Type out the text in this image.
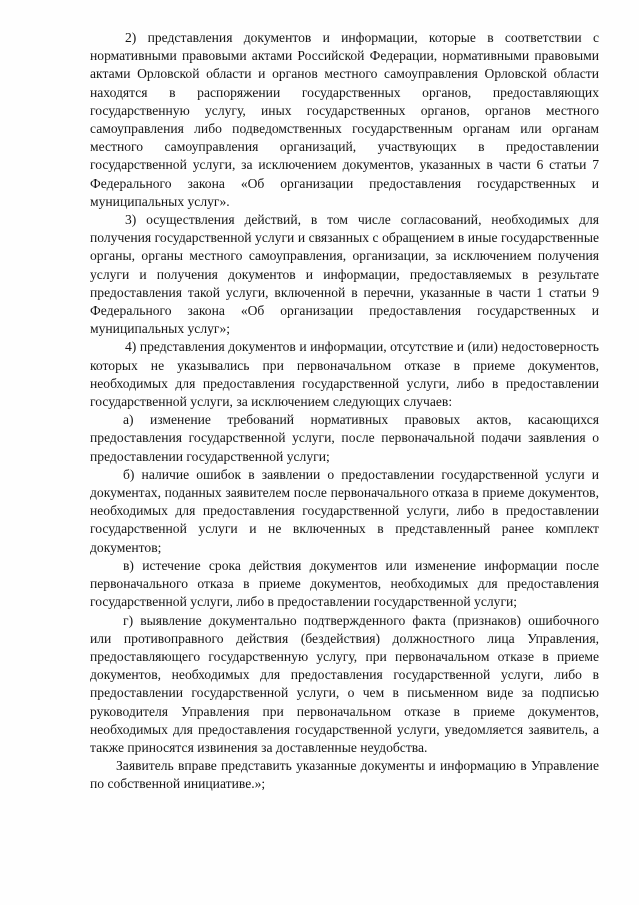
2) представления документов и информации, которые в соответствии с нормативными правовыми актами Российской Федерации, нормативными правовыми актами Орловской области и органов местного самоуправления Орловской области находятся в распоряжении государственных органов, предоставляющих государственную услугу, иных государственных органов, органов местного самоуправления либо подведомственных государственным органам или органам местного самоуправления организаций, участвующих в предоставлении государственной услуги, за исключением документов, указанных в части 6 статьи 7 Федерального закона «Об организации предоставления государственных и муниципальных услуг».

3) осуществления действий, в том числе согласований, необходимых для получения государственной услуги и связанных с обращением в иные государственные органы, органы местного самоуправления, организации, за исключением получения услуги и получения документов и информации, предоставляемых в результате предоставления такой услуги, включенной в перечни, указанные в части 1 статьи 9 Федерального закона «Об организации предоставления государственных и муниципальных услуг»;

4) представления документов и информации, отсутствие и (или) недостоверность которых не указывались при первоначальном отказе в приеме документов, необходимых для предоставления государственной услуги, либо в предоставлении государственной услуги, за исключением следующих случаев:

а) изменение требований нормативных правовых актов, касающихся предоставления государственной услуги, после первоначальной подачи заявления о предоставлении государственной услуги;

б) наличие ошибок в заявлении о предоставлении государственной услуги и документах, поданных заявителем после первоначального отказа в приеме документов, необходимых для предоставления государственной услуги, либо в предоставлении государственной услуги и не включенных в представленный ранее комплект документов;

в) истечение срока действия документов или изменение информации после первоначального отказа в приеме документов, необходимых для предоставления государственной услуги, либо в предоставлении государственной услуги;

г) выявление документально подтвержденного факта (признаков) ошибочного или противоправного действия (бездействия) должностного лица Управления, предоставляющего государственную услугу, при первоначальном отказе в приеме документов, необходимых для предоставления государственной услуги, либо в предоставлении государственной услуги, о чем в письменном виде за подписью руководителя Управления при первоначальном отказе в приеме документов, необходимых для предоставления государственной услуги, уведомляется заявитель, а также приносятся извинения за доставленные неудобства.

Заявитель вправе представить указанные документы и информацию в Управление по собственной инициативе.»;
